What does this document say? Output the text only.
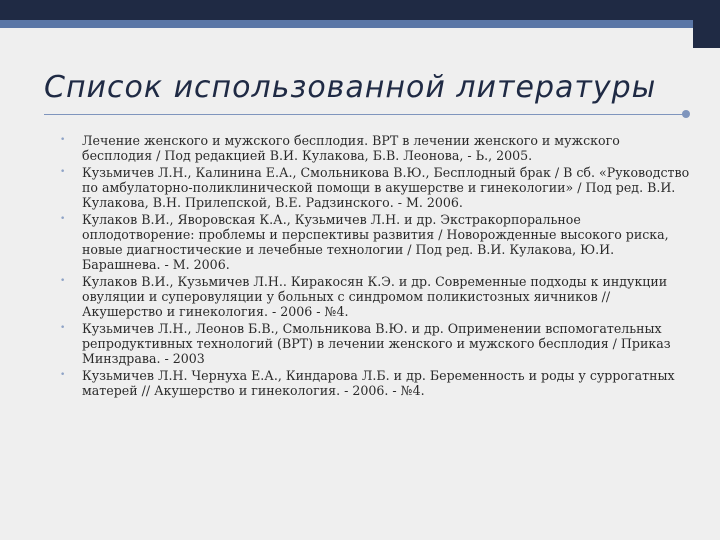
Список использованной литературы
• Лечение женского и мужского бесплодия. ВРТ в лечении женского и мужского бесплодия / Под редакцией В.И. Кулакова, Б.В. Леонова, - Ь., 2005.
• Кузьмичев Л.Н., Калинина Е.А., Смольникова В.Ю., Бесплодный брак / В сб. «Руководство по амбулаторно-поликлинической помощи в акушерстве и гинекологии» / Под ред. В.И. Кулакова, В.Н. Прилепской, В.Е. Радзинского. - М. 2006.
• Кулаков В.И., Яворовская К.А., Кузьмичев Л.Н. и др. Экстракорпоральное оплодотворение: проблемы и перспективы развития / Новорожденные высокого риска, новые диагностические и лечебные технологии / Под ред. В.И. Кулакова, Ю.И. Барашнева. - М. 2006.
• Кулаков В.И., Кузьмичев Л.Н.. Киракосян К.Э. и др. Современные подходы к индукции овуляции и суперовуляции у больных с синдромом поликистозных яичников // Акушерство и гинекология. - 2006 - №4.
• Кузьмичев Л.Н., Леонов Б.В., Смольникова В.Ю. и др. Оприменении вспомогательных репродуктивных технологий (ВРТ) в лечении женского и мужского бесплодия / Приказ Минздрава. - 2003
• Кузьмичев Л.Н. Чернуха Е.А., Киндарова Л.Б. и др. Беременность и роды у суррогатных матерей // Акушерство и гинекология. - 2006. - №4.
